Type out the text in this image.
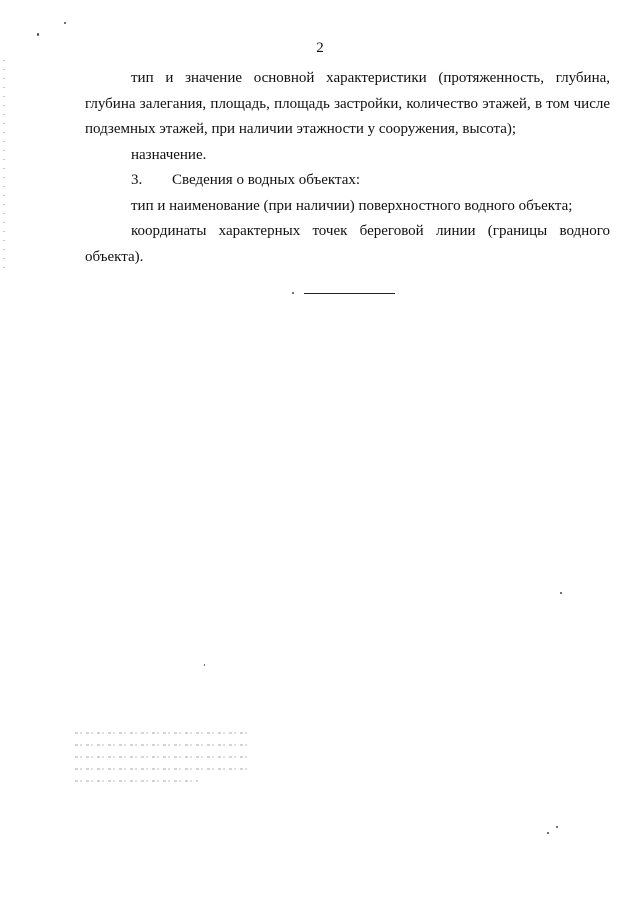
2

тип и значение основной характеристики (протяженность, глубина, глубина залегания, площадь, площадь застройки, количество этажей, в том числе подземных этажей, при наличии этажности у сооружения, высота);

назначение.

3. Сведения о водных объектах:

тип и наименование (при наличии) поверхностного водного объекта;

координаты характерных точек береговой линии (границы водного объекта).
